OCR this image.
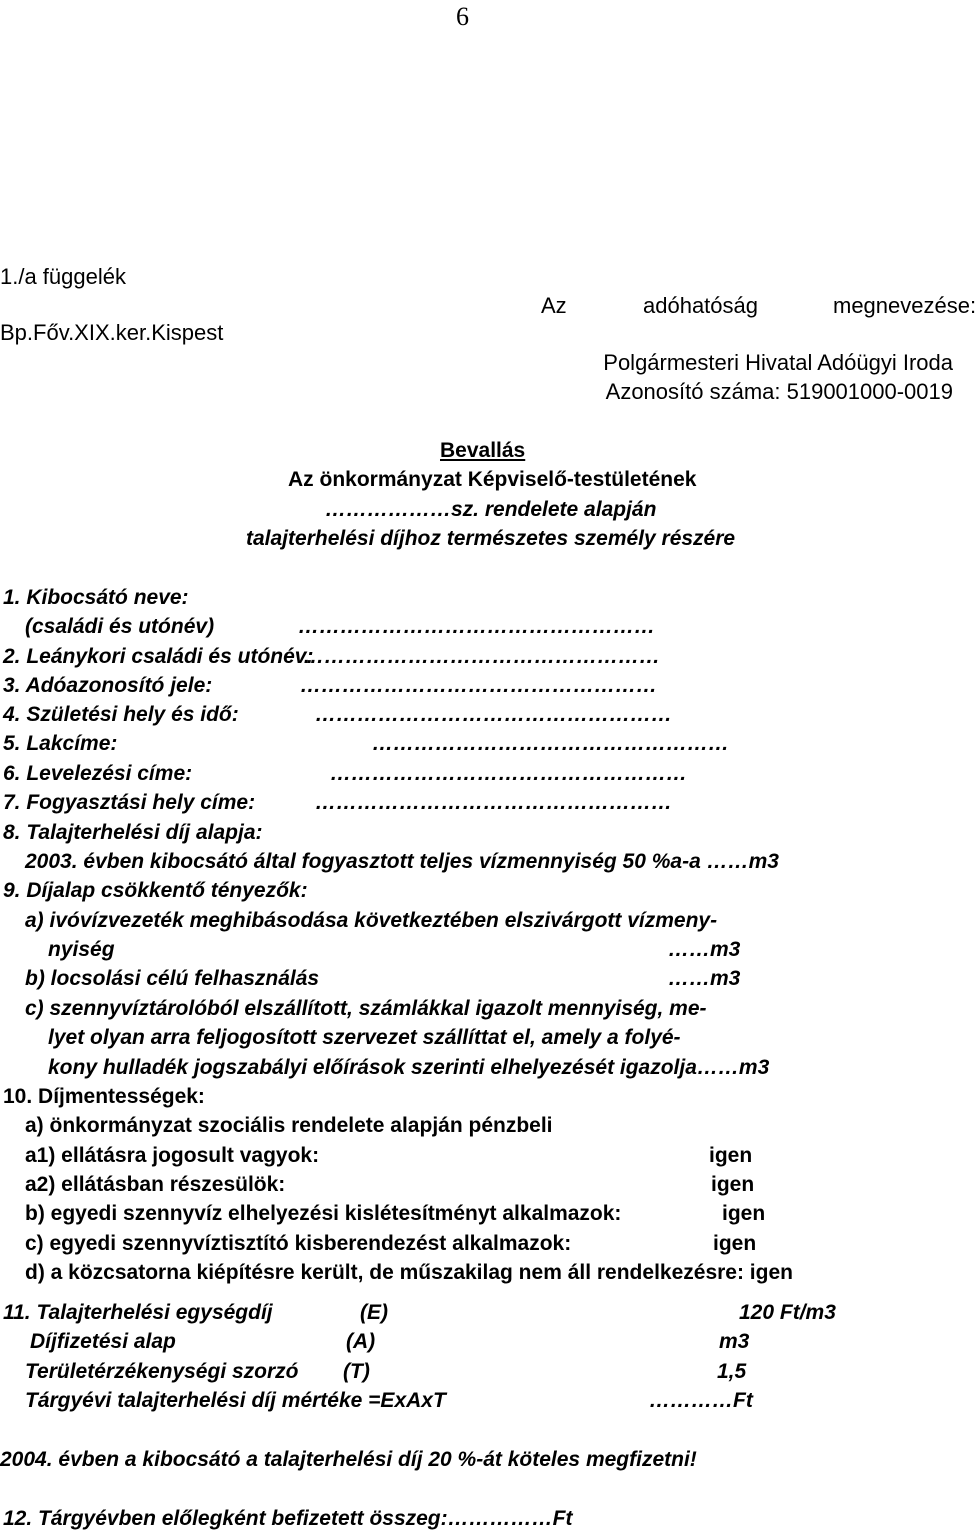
6
1./a függelék
Bp.Főv.XIX.ker.Kispest
Az	adóhatóság	megnevezése:
Polgármesteri Hivatal Adóügyi Iroda
Azonosító száma: 519001000-0019
Bevallás
Az önkormányzat Képviselő-testületének
………………sz. rendelete alapján
talajterhelési díjhoz természetes személy részére
1. Kibocsátó neve:
(családi és utónév)	……………………………………………
2. Leánykori családi és utónév:
……………………………………………
3. Adóazonosító jele:	……………………………………………
4. Születési hely és idő:	……………………………………………
5. Lakcíme:	……………………………………………
6. Levelezési címe:	……………………………………………
7. Fogyasztási hely címe:	……………………………………………
8. Talajterhelési díj alapja:
2003. évben kibocsátó által fogyasztott teljes vízmennyiség 50 %a-a ……m3
9. Díjalap csökkentő tényezők:
a) ivóvízvezeték meghibásodása következtében elszivárgott vízmeny-
nyiség	……m3
b) locsolási célú felhasználás	……m3
c) szennyvíztárolóból elszállított, számlákkal igazolt mennyiség, me-
lyet olyan arra feljogosított szervezet szállíttat el, amely a folyé-
kony hulladék jogszabályi előírások szerinti elhelyezését igazolja……m3
10. Díjmentességek:
a) önkormányzat szociális rendelete alapján pénzbeli
a1) ellátásra jogosult vagyok:	igen
a2) ellátásban részesülök:	igen
b) egyedi szennyvíz elhelyezési kislétesítményt alkalmazok:	igen
c) egyedi szennyvíztisztító kisberendezést alkalmazok:	igen
d) a közcsatorna kiépítésre került, de műszakilag nem áll rendelkezésre: igen
11. Talajterhelési egységdíj	(E)	120 Ft/m3
Díjfizetési alap	(A)	m3
Területérzékenységi szorzó (T)	1,5
Tárgyévi talajterhelési díj mértéke =ExAxT	…………Ft
2004. évben a kibocsátó a talajterhelési díj 20 %-át köteles megfizetni!
12. Tárgyévben előlegként befizetett összeg:……………Ft
